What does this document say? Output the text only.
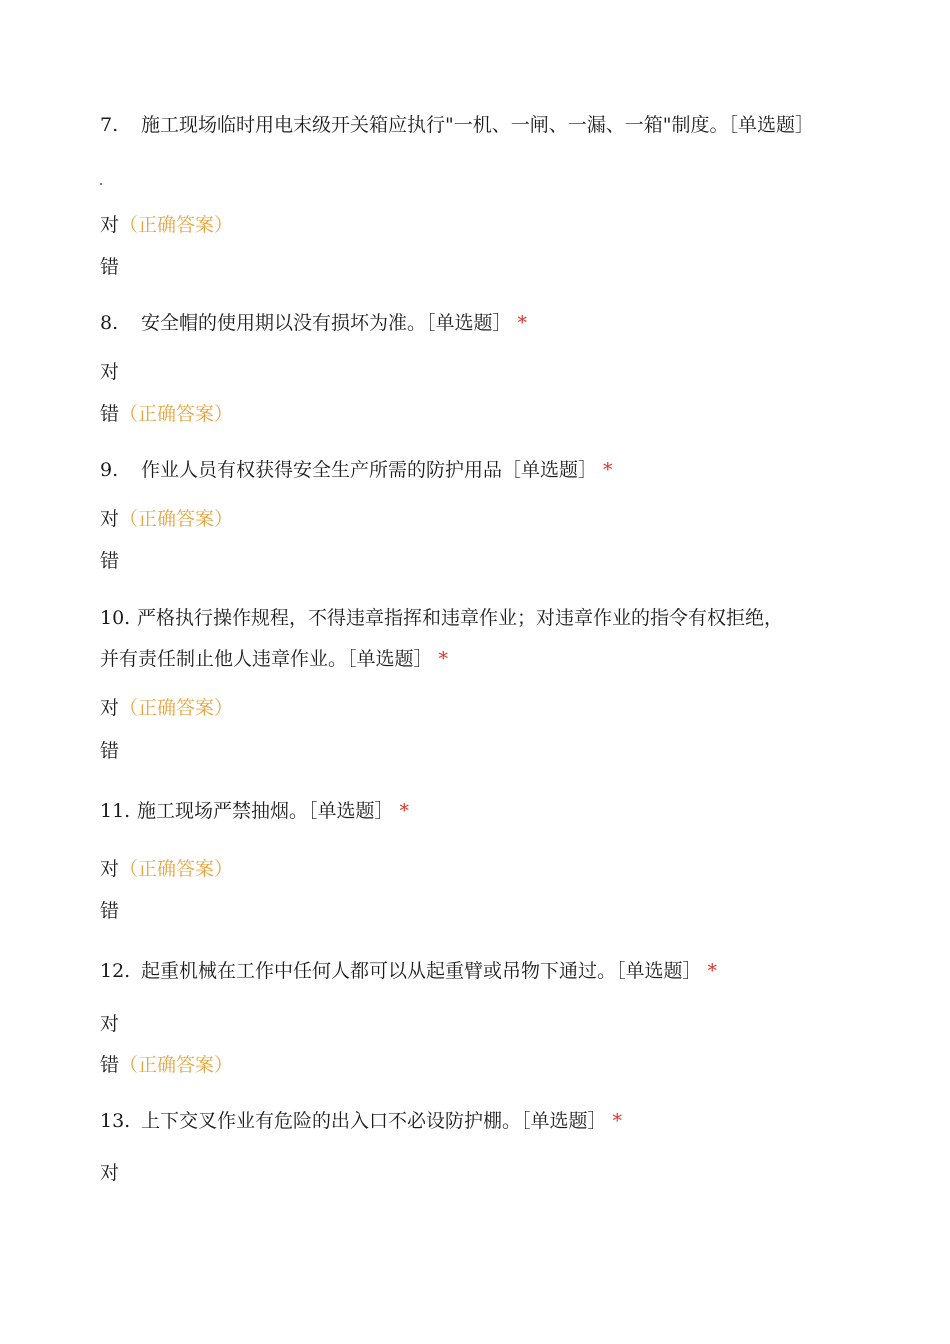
7. 施工现场临时用电末级开关箱应执行"一机、一闸、一漏、一箱"制度。［单选题］
对（正确答案）
错
8. 安全帽的使用期以没有损坏为准。［单选题］ *
对
错（正确答案）
9. 作业人员有权获得安全生产所需的防护用品［单选题］ *
对（正确答案）
错
10. 严格执行操作规程，不得违章指挥和违章作业；对违章作业的指令有权拒绝，
并有责任制止他人违章作业。［单选题］ *
对（正确答案）
错
11. 施工现场严禁抽烟。［单选题］ *
对（正确答案）
错
12. 起重机械在工作中任何人都可以从起重臂或吊物下通过。［单选题］ *
对
错（正确答案）
13. 上下交叉作业有危险的出入口不必设防护棚。［单选题］ *
对
